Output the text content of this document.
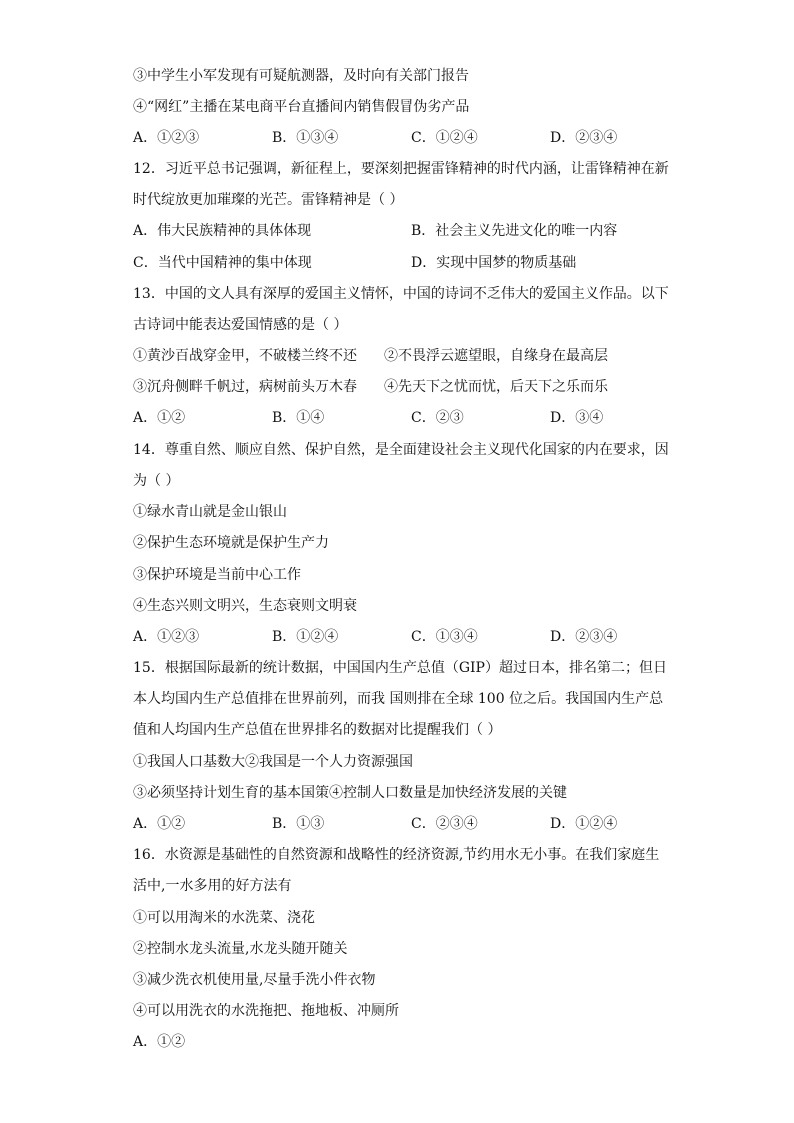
③中学生小军发现有可疑航测器，及时向有关部门报告
④“网红”主播在某电商平台直播间内销售假冒伪劣产品
A．①②③	B．①③④	C．①②④	D．②③④
12．习近平总书记强调，新征程上，要深刻把握雷锋精神的时代内涵，让雷锋精神在新
时代绽放更加璀璨的光芒。雷锋精神是（ ）
A．伟大民族精神的具体体现	B．社会主义先进文化的唯一内容
C．当代中国精神的集中体现	D．实现中国梦的物质基础
13．中国的文人具有深厚的爱国主义情怀，中国的诗词不乏伟大的爱国主义作品。以下
古诗词中能表达爱国情感的是（ ）
①黄沙百战穿金甲，不破楼兰终不还 ②不畏浮云遮望眼，自缘身在最高层
③沉舟侧畔千帆过，病树前头万木春 ④先天下之忧而忧，后天下之乐而乐
A．①②	B．①④	C．②③	D．③④
14．尊重自然、顺应自然、保护自然，是全面建设社会主义现代化国家的内在要求，因
为（ ）
①绿水青山就是金山银山
②保护生态环境就是保护生产力
③保护环境是当前中心工作
④生态兴则文明兴，生态衰则文明衰
A．①②③	B．①②④	C．①③④	D．②③④
15．根据国际最新的统计数据，中国国内生产总值（GIP）超过日本，排名第二；但日
本人均国内生产总值排在世界前列，而我 国则排在全球 100 位之后。我国国内生产总
值和人均国内生产总值在世界排名的数据对比提醒我们（ ）
①我国人口基数大②我国是一个人力资源强国
③必须坚持计划生育的基本国策④控制人口数量是加快经济发展的关键
A．①②	B．①③	C．②③④	D．①②④
16．水资源是基础性的自然资源和战略性的经济资源,节约用水无小事。在我们家庭生
活中,一水多用的好方法有
①可以用淘米的水洗菜、浇花
②控制水龙头流量,水龙头随开随关
③减少洗衣机使用量,尽量手洗小件衣物
④可以用洗衣的水洗拖把、拖地板、冲厕所
A．①②
